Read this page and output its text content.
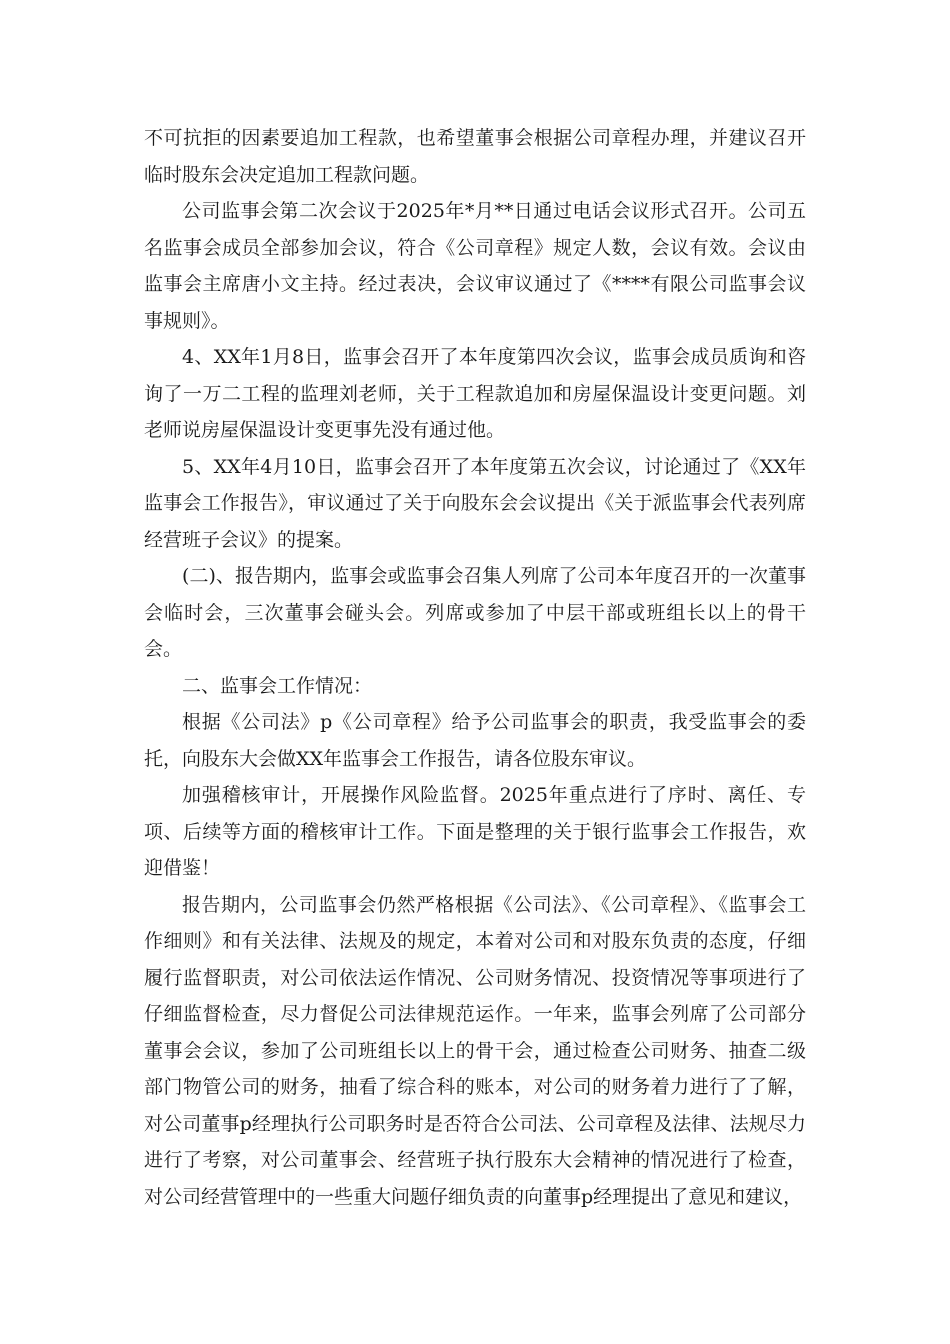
不可抗拒的因素要追加工程款，也希望董事会根据公司章程办理，并建议召开临时股东会决定追加工程款问题。

公司监事会第二次会议于2025年*月**日通过电话会议形式召开。公司五名监事会成员全部参加会议，符合《公司章程》规定人数，会议有效。会议由监事会主席唐小文主持。经过表决，会议审议通过了《****有限公司监事会议事规则》。

4、XX年1月8日，监事会召开了本年度第四次会议，监事会成员质询和咨询了一万二工程的监理刘老师，关于工程款追加和房屋保温设计变更问题。刘老师说房屋保温设计变更事先没有通过他。

5、XX年4月10日，监事会召开了本年度第五次会议，讨论通过了《XX年监事会工作报告》，审议通过了关于向股东会会议提出《关于派监事会代表列席经营班子会议》的提案。

(二)、报告期内，监事会或监事会召集人列席了公司本年度召开的一次董事会临时会，三次董事会碰头会。列席或参加了中层干部或班组长以上的骨干会。

二、监事会工作情况：

根据《公司法》p《公司章程》给予公司监事会的职责，我受监事会的委托，向股东大会做XX年监事会工作报告，请各位股东审议。

加强稽核审计，开展操作风险监督。2025年重点进行了序时、离任、专项、后续等方面的稽核审计工作。下面是整理的关于银行监事会工作报告，欢迎借鉴！

报告期内，公司监事会仍然严格根据《公司法》、《公司章程》、《监事会工作细则》和有关法律、法规及的规定，本着对公司和对股东负责的态度，仔细履行监督职责，对公司依法运作情况、公司财务情况、投资情况等事项进行了仔细监督检查，尽力督促公司法律规范运作。一年来，监事会列席了公司部分董事会会议，参加了公司班组长以上的骨干会，通过检查公司财务、抽查二级部门物管公司的财务，抽看了综合科的账本，对公司的财务着力进行了了解，对公司董事p经理执行公司职务时是否符合公司法、公司章程及法律、法规尽力进行了考察，对公司董事会、经营班子执行股东大会精神的情况进行了检查，对公司经营管理中的一些重大问题仔细负责的向董事p经理提出了意见和建议，
